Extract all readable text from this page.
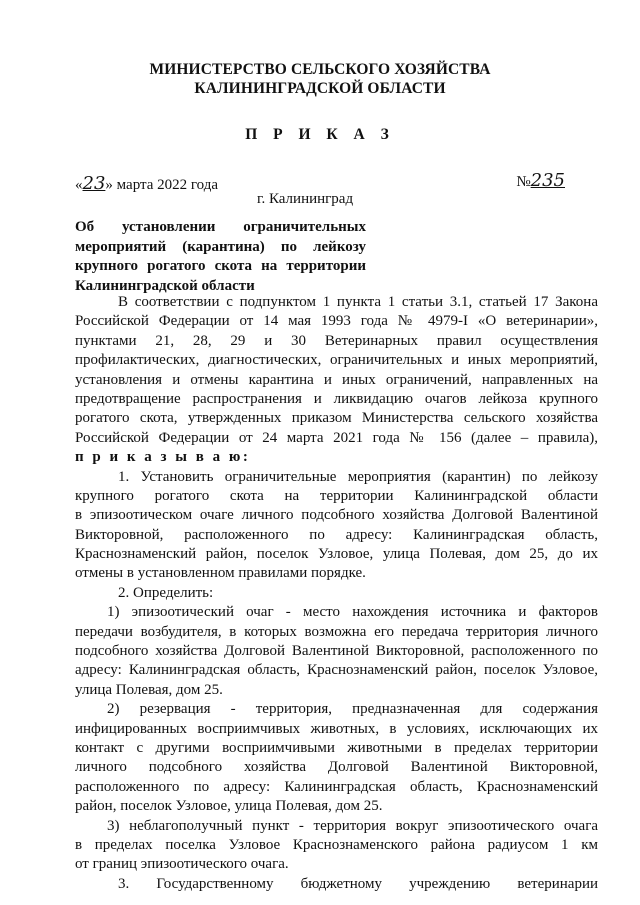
МИНИСТЕРСТВО СЕЛЬСКОГО ХОЗЯЙСТВА
КАЛИНИНГРАДСКОЙ ОБЛАСТИ
П Р И К А З
«23» марта 2022 года	№235
г. Калининград
Об установлении ограничительных
мероприятий (карантина) по лейкозу
крупного рогатого скота на территории
Калининградской области
В соответствии с подпунктом 1 пункта 1 статьи 3.1, статьей 17 Закона
Российской Федерации от 14 мая 1993 года № 4979-I «О ветеринарии»,
пунктами 21, 28, 29 и 30 Ветеринарных правил осуществления
профилактических, диагностических, ограничительных и иных мероприятий,
установления и отмены карантина и иных ограничений, направленных на
предотвращение распространения и ликвидацию очагов лейкоза крупного
рогатого скота, утвержденных приказом Министерства сельского хозяйства
Российской Федерации от 24 марта 2021 года № 156 (далее – правила),
п р и к а з ы в а ю:
1. Установить ограничительные мероприятия (карантин) по лейкозу
крупного рогатого скота на территории Калининградской области
в эпизоотическом очаге личного подсобного хозяйства Долговой Валентиной
Викторовной, расположенного по адресу: Калининградская область,
Краснознаменский район, поселок Узловое, улица Полевая, дом 25, до их
отмены в установленном правилами порядке.
2. Определить:
1) эпизоотический очаг - место нахождения источника и факторов
передачи возбудителя, в которых возможна его передача территория личного
подсобного хозяйства Долговой Валентиной Викторовной, расположенного по
адресу: Калининградская область, Краснознаменский район, поселок Узловое,
улица Полевая, дом 25.
2) резервация - территория, предназначенная для содержания
инфицированных восприимчивых животных, в условиях, исключающих их
контакт с другими восприимчивыми животными в пределах территории
личного подсобного хозяйства Долговой Валентиной Викторовной,
расположенного по адресу: Калининградская область, Краснознаменский
район, поселок Узловое, улица Полевая, дом 25.
3) неблагополучный пункт - территория вокруг эпизоотического очага
в пределах поселка Узловое Краснознаменского района радиусом 1 км
от границ эпизоотического очага.
3. Государственному бюджетному учреждению ветеринарии
